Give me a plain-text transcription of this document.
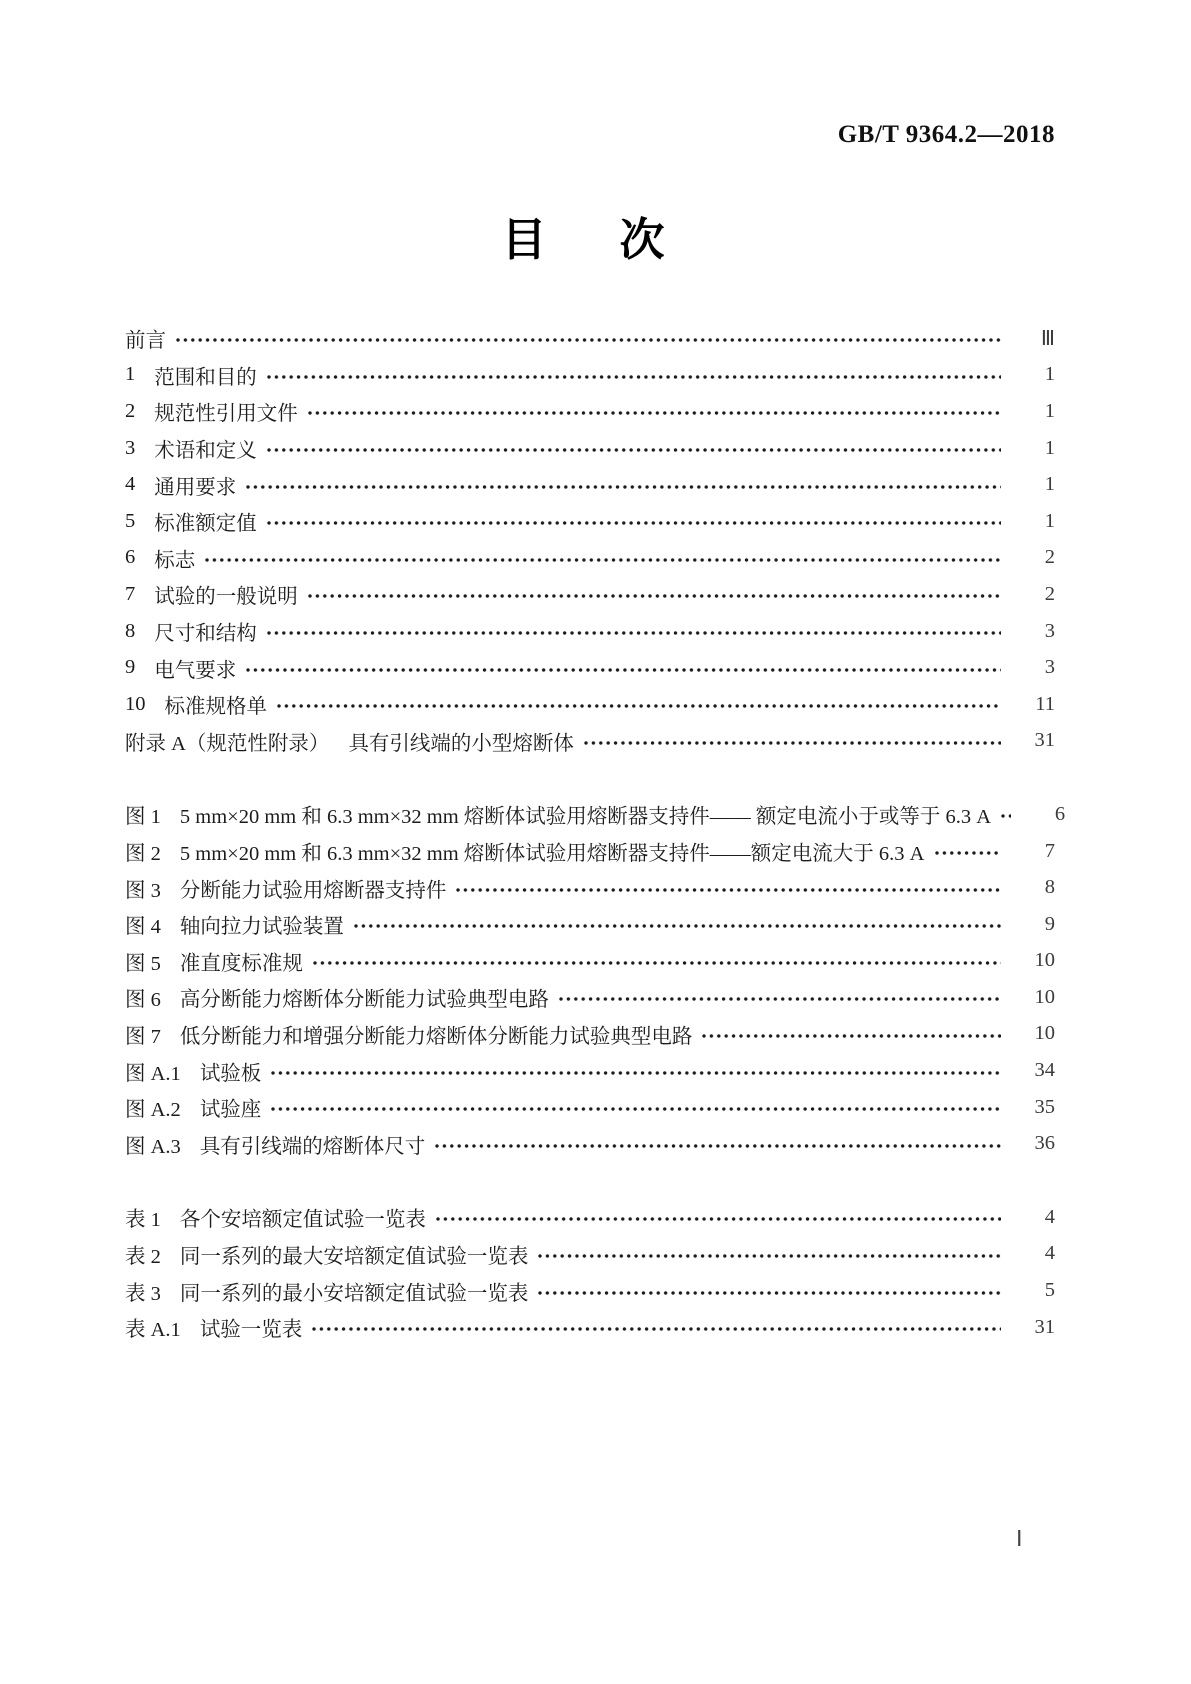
GB/T 9364.2—2018
目　次
前言	Ⅲ
1 范围和目的	1
2 规范性引用文件	1
3 术语和定义	1
4 通用要求	1
5 标准额定值	1
6 标志	2
7 试验的一般说明	2
8 尺寸和结构	3
9 电气要求	3
10 标准规格单	11
附录 A（规范性附录） 具有引线端的小型熔断体	31
图 1 5 mm×20 mm 和 6.3 mm×32 mm 熔断体试验用熔断器支持件—— 额定电流小于或等于 6.3 A	6
图 2 5 mm×20 mm 和 6.3 mm×32 mm 熔断体试验用熔断器支持件——额定电流大于 6.3 A	7
图 3 分断能力试验用熔断器支持件	8
图 4 轴向拉力试验装置	9
图 5 准直度标准规	10
图 6 高分断能力熔断体分断能力试验典型电路	10
图 7 低分断能力和增强分断能力熔断体分断能力试验典型电路	10
图 A.1 试验板	34
图 A.2 试验座	35
图 A.3 具有引线端的熔断体尺寸	36
表 1 各个安培额定值试验一览表	4
表 2 同一系列的最大安培额定值试验一览表	4
表 3 同一系列的最小安培额定值试验一览表	5
表 A.1 试验一览表	31
Ⅰ
